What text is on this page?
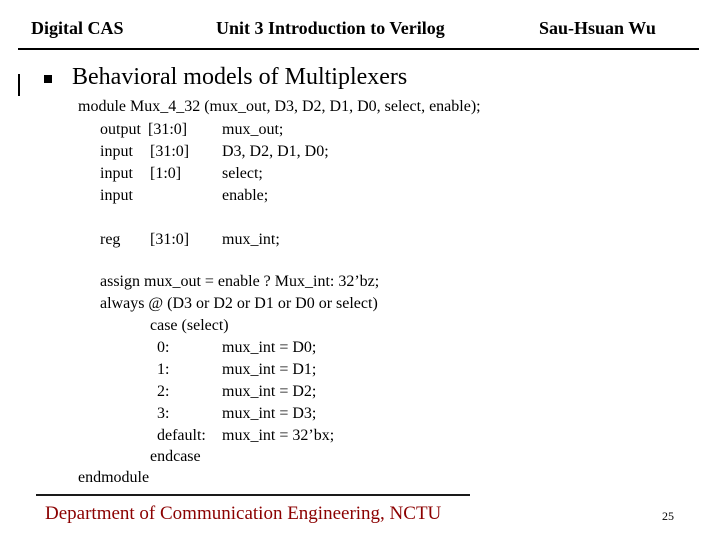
Digital CAS	Unit 3 Introduction to Verilog	Sau-Hsuan Wu
Behavioral models of Multiplexers
module Mux_4_32 (mux_out, D3, D2, D1, D0, select, enable);
output [31:0] mux_out;
input [31:0] D3, D2, D1, D0;
input [1:0]	select;
input	enable;
reg [31:0] mux_int;
assign mux_out = enable ? Mux_int: 32’bz;
always @ (D3 or D2 or D1 or D0 or select)
case (select)
0:	mux_int = D0;
1:	mux_int = D1;
2:	mux_int = D2;
3:	mux_int = D3;
default: mux_int = 32’bx;
endcase
endmodule
Department of Communication Engineering, NCTU	25
